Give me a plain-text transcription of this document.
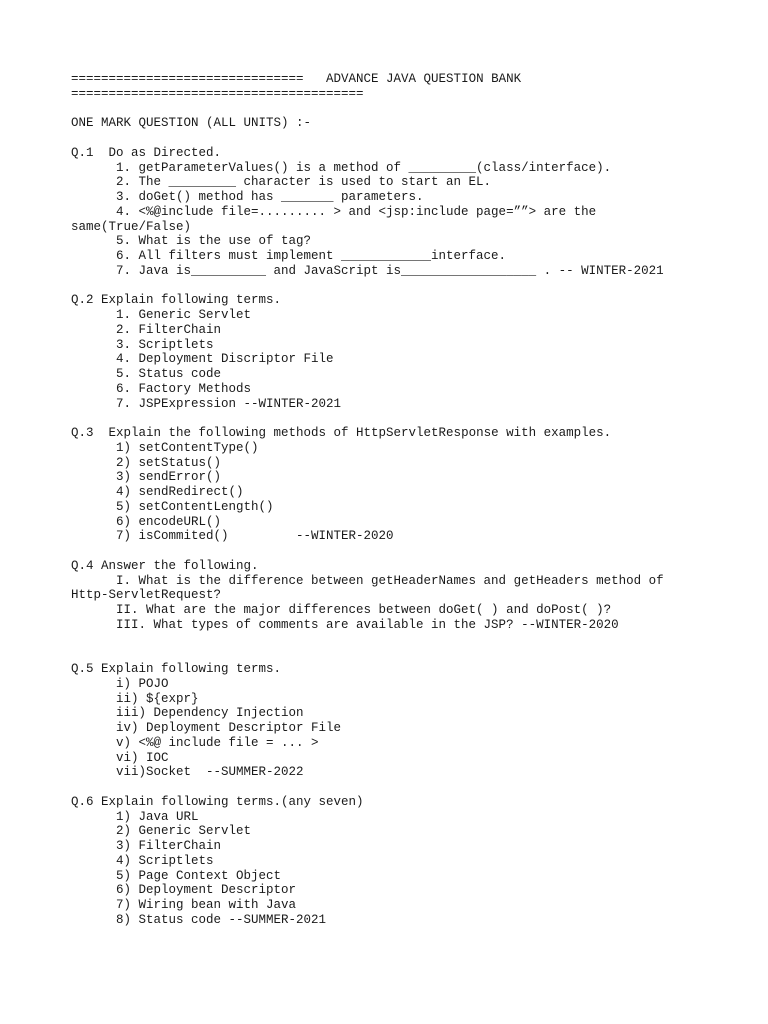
===============================   ADVANCE JAVA QUESTION BANK
=======================================
ONE MARK QUESTION (ALL UNITS) :-
Q.1  Do as Directed.
1. getParameterValues() is a method of _________(class/interface).
2. The _________ character is used to start an EL.
3. doGet() method has _______ parameters.
4. <%@include file=......... > and <jsp:include page=””> are the
same(True/False)
5. What is the use of tag?
6. All filters must implement ____________interface.
7. Java is__________ and JavaScript is__________________ . -- WINTER-2021
Q.2 Explain following terms.
1. Generic Servlet
2. FilterChain
3. Scriptlets
4. Deployment Discriptor File
5. Status code
6. Factory Methods
7. JSPExpression --WINTER-2021
Q.3  Explain the following methods of HttpServletResponse with examples.
1) setContentType()
2) setStatus()
3) sendError()
4) sendRedirect()
5) setContentLength()
6) encodeURL()
7) isCommited()         --WINTER-2020
Q.4 Answer the following.
I. What is the difference between getHeaderNames and getHeaders method of
Http-ServletRequest?
II. What are the major differences between doGet( ) and doPost( )?
III. What types of comments are available in the JSP? --WINTER-2020
Q.5 Explain following terms.
i) POJO
ii) ${expr}
iii) Dependency Injection
iv) Deployment Descriptor File
v) <%@ include file = ... >
vi) IOC
vii)Socket  --SUMMER-2022
Q.6 Explain following terms.(any seven)
1) Java URL
2) Generic Servlet
3) FilterChain
4) Scriptlets
5) Page Context Object
6) Deployment Descriptor
7) Wiring bean with Java
8) Status code --SUMMER-2021
